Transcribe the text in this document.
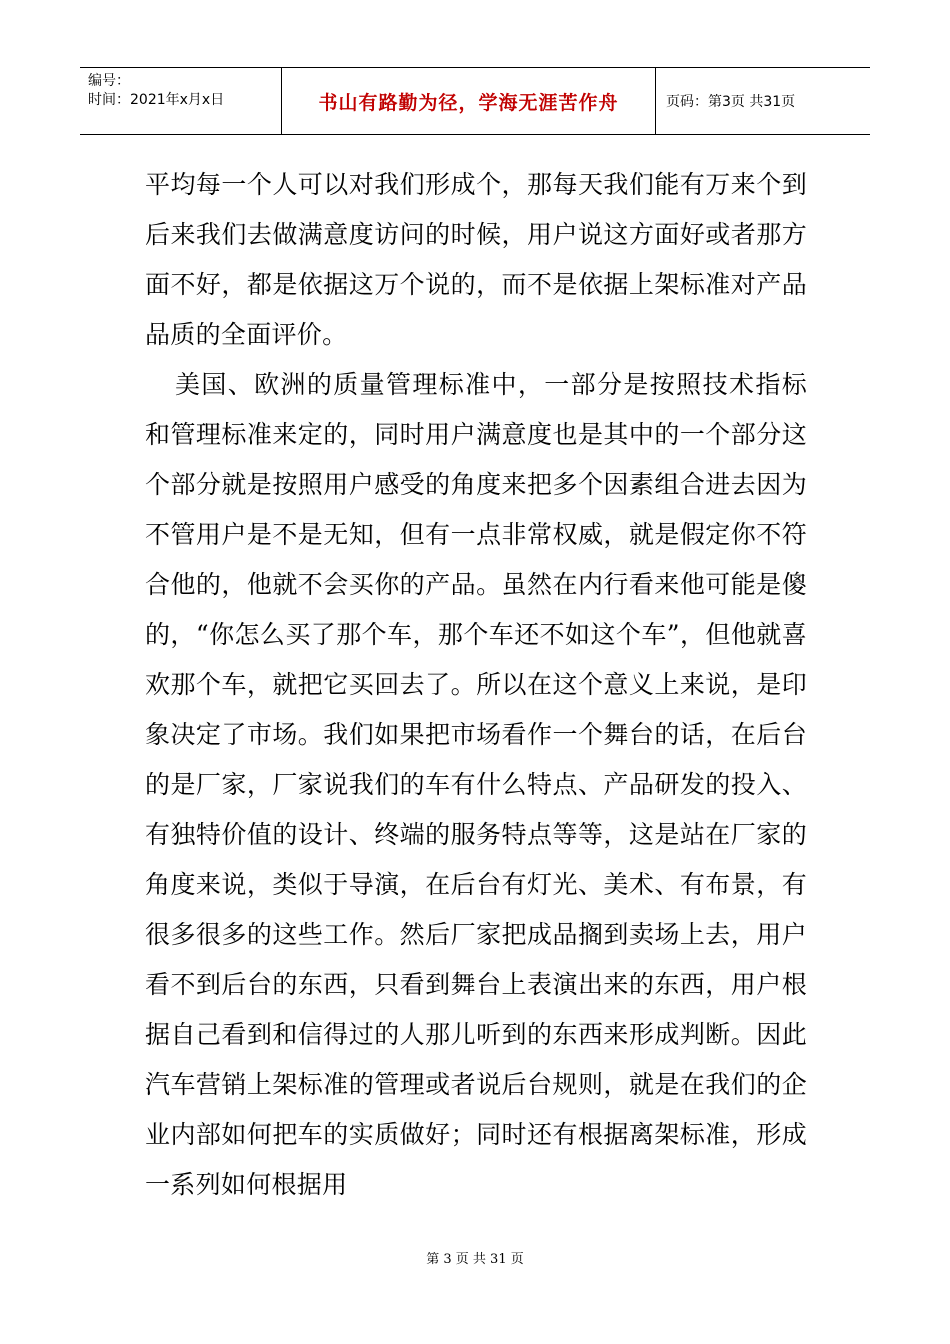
编号：
时间：2021年x月x日	书山有路勤为径，学海无涯苦作舟	页码：第3页 共31页

平均每一个人可以对我们形成个，那每天我们能有万来个到后来我们去做满意度访问的时候，用户说这方面好或者那方面不好，都是依据这万个说的，而不是依据上架标准对产品品质的全面评价。

美国、欧洲的质量管理标准中，一部分是按照技术指标和管理标准来定的，同时用户满意度也是其中的一个部分这个部分就是按照用户感受的角度来把多个因素组合进去因为不管用户是不是无知，但有一点非常权威，就是假定你不符合他的，他就不会买你的产品。虽然在内行看来他可能是傻的，“你怎么买了那个车，那个车还不如这个车”，但他就喜欢那个车，就把它买回去了。所以在这个意义上来说，是印象决定了市场。我们如果把市场看作一个舞台的话，在后台的是厂家，厂家说我们的车有什么特点、产品研发的投入、有独特价值的设计、终端的服务特点等等，这是站在厂家的角度来说，类似于导演，在后台有灯光、美术、有布景，有很多很多的这些工作。然后厂家把成品搁到卖场上去，用户看不到后台的东西，只看到舞台上表演出来的东西，用户根据自己看到和信得过的人那儿听到的东西来形成判断。因此汽车营销上架标准的管理或者说后台规则，就是在我们的企业内部如何把车的实质做好；同时还有根据离架标准，形成一系列如何根据用

第 3 页 共 31 页
